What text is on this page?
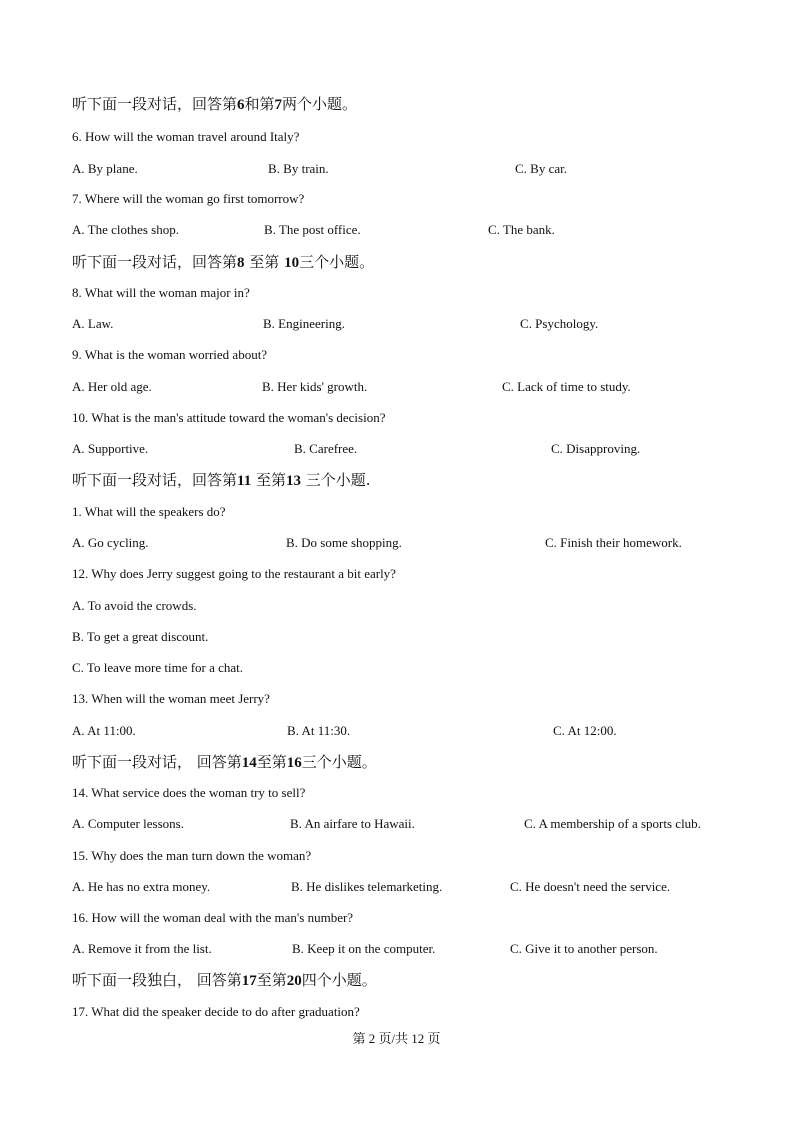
听下面一段对话，回答第6和第7两个小题。
6. How will the woman travel around Italy?
A. By plane.	B. By train.	C. By car.
7. Where will the woman go first tomorrow?
A. The clothes shop.	B. The post office.	C. The bank.
听下面一段对话，回答第8 至第 10三个小题。
8. What will the woman major in?
A. Law.	B. Engineering.	C. Psychology.
9. What is the woman worried about?
A. Her old age.	B. Her kids' growth.	C. Lack of time to study.
10. What is the man's attitude toward the woman's decision?
A. Supportive.	B. Carefree.	C. Disapproving.
听下面一段对话，回答第11 至第13 三个小题.
1. What will the speakers do?
A. Go cycling.	B. Do some shopping.	C. Finish their homework.
12. Why does Jerry suggest going to the restaurant a bit early?
A. To avoid the crowds.
B. To get a great discount.
C. To leave more time for a chat.
13. When will the woman meet Jerry?
A. At 11:00.	B. At 11:30.	C. At 12:00.
听下面一段对话， 回答第14至第16三个小题。
14. What service does the woman try to sell?
A. Computer lessons.	B. An airfare to Hawaii.	C. A membership of a sports club.
15. Why does the man turn down the woman?
A. He has no extra money.	B. He dislikes telemarketing.	C. He doesn't need the service.
16. How will the woman deal with the man's number?
A. Remove it from the list.	B. Keep it on the computer.	C. Give it to another person.
听下面一段独白， 回答第17至第20四个小题。
17. What did the speaker decide to do after graduation?
第 2 页/共 12 页
